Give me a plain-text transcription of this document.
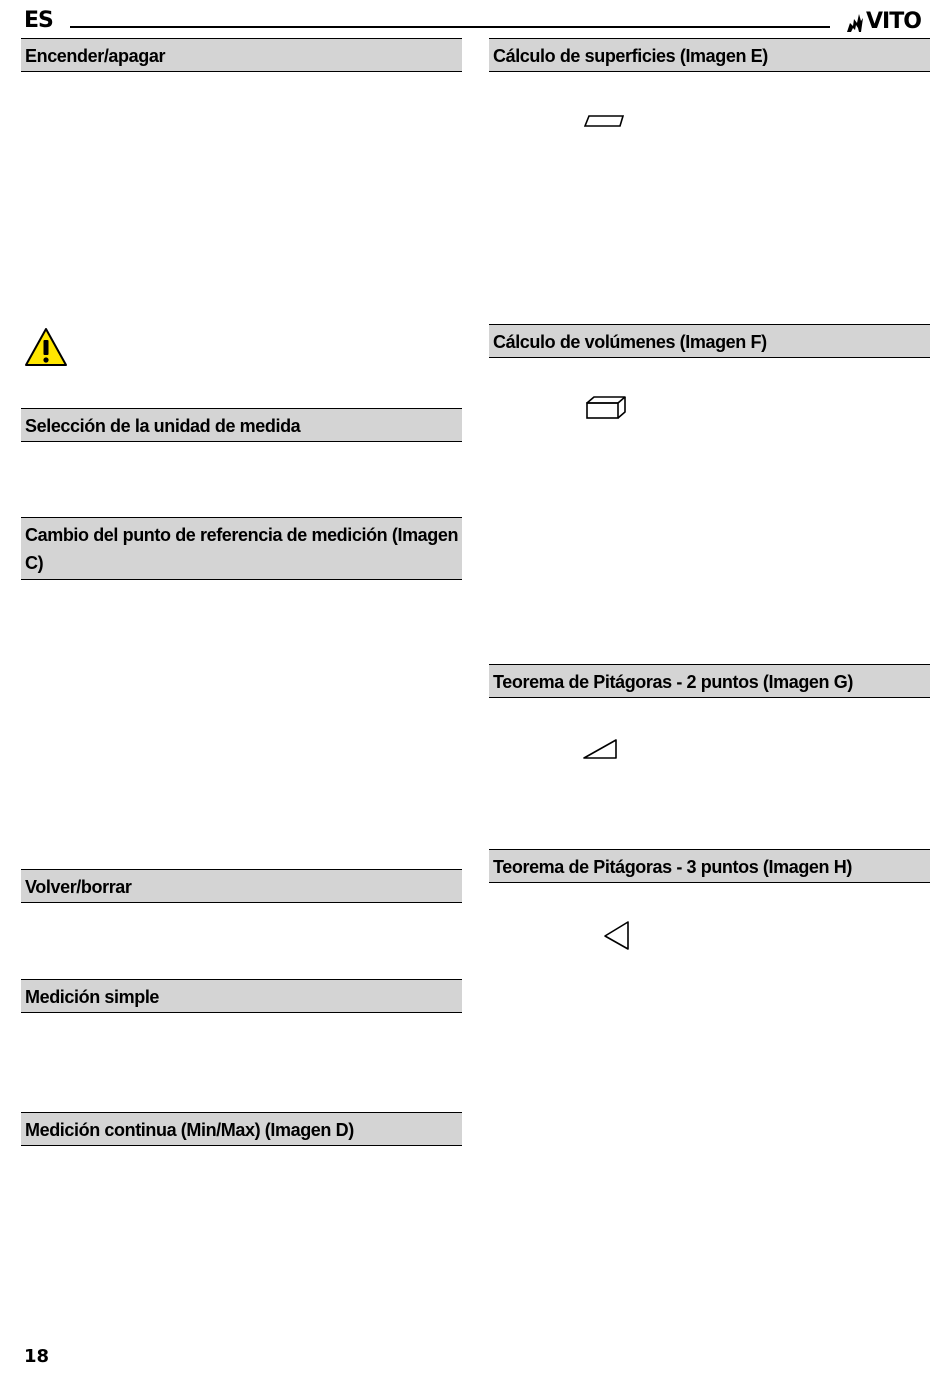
ES	VITO
Encender/apagar
Selección de la unidad de medida
Cambio del punto de referencia de medición (Imagen C)
Volver/borrar
Medición simple
Medición continua (Min/Max) (Imagen D)
Cálculo de superficies (Imagen E)
Cálculo de volúmenes (Imagen F)
Teorema de Pitágoras - 2 puntos (Imagen G)
Teorema de Pitágoras - 3 puntos (Imagen H)
18
